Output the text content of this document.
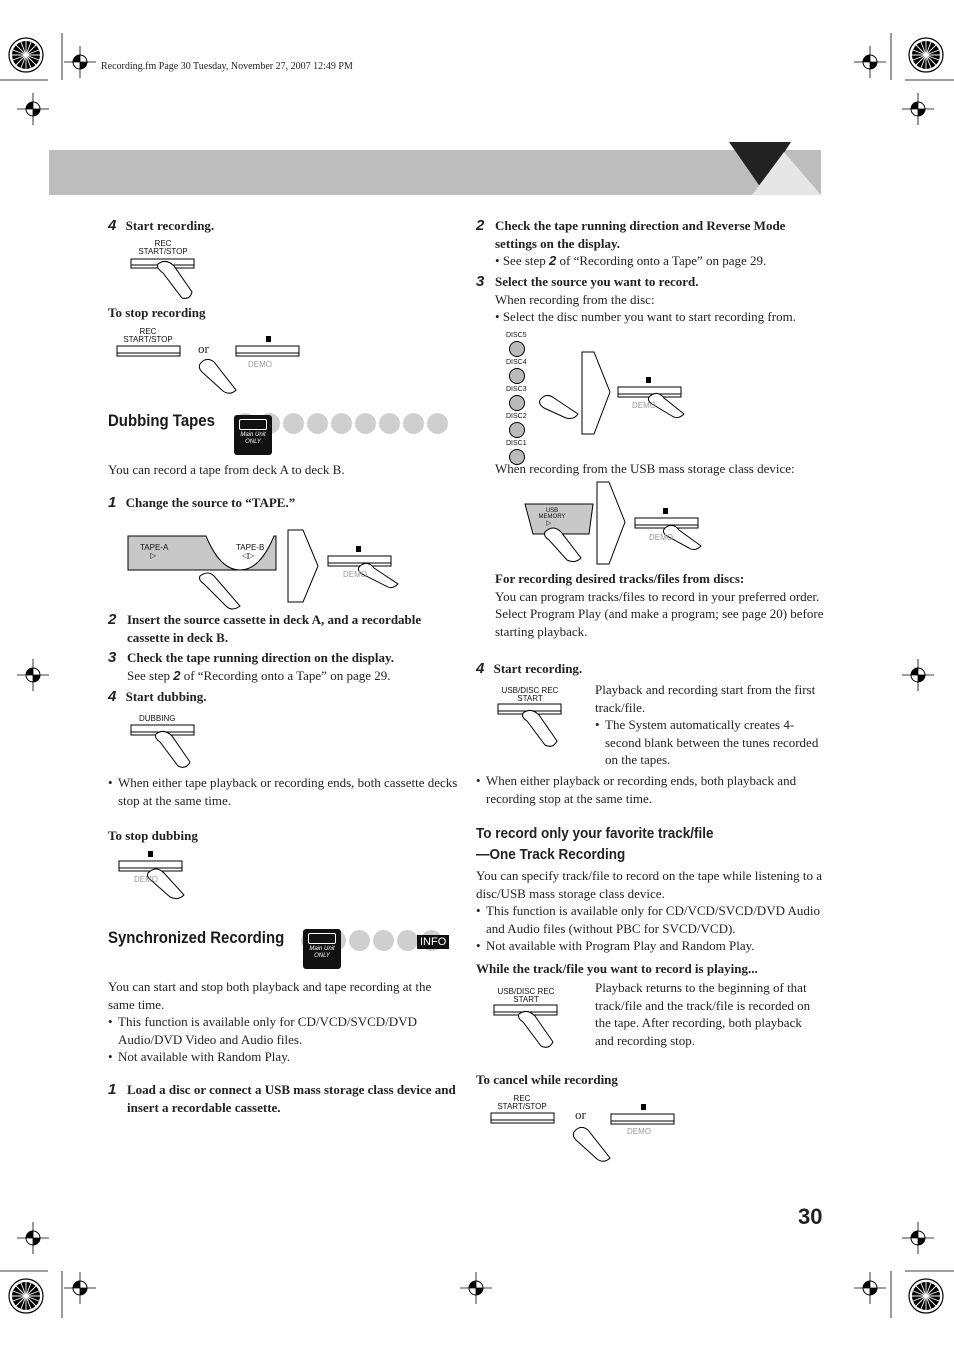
Recording.fm Page 30 Tuesday, November 27, 2007 12:49 PM
4 Start recording.
REC START/STOP
To stop recording
REC START/STOP
or
DEMO
Dubbing Tapes
Main Unit ONLY
You can record a tape from deck A to deck B.
1 Change the source to “TAPE.”
TAPE-A
▷
TAPE-B
◁▷
DEMO
2 Insert the source cassette in deck A, and a recordable cassette in deck B.
3 Check the tape running direction on the display.
See step 2 of “Recording onto a Tape” on page 29.
4 Start dubbing.
DUBBING
• When either tape playback or recording ends, both cassette decks stop at the same time.
To stop dubbing
DEMO
Synchronized Recording
Main Unit ONLY
INFO
You can start and stop both playback and tape recording at the same time.
• This function is available only for CD/VCD/SVCD/DVD Audio/DVD Video and Audio files.
• Not available with Random Play.
1 Load a disc or connect a USB mass storage class device and insert a recordable cassette.
2 Check the tape running direction and Reverse Mode settings on the display.
• See step 2 of “Recording onto a Tape” on page 29.
3 Select the source you want to record.
When recording from the disc:
• Select the disc number you want to start recording from.
DISC5
DISC4
DISC3
DISC2
DISC1
DEMO
When recording from the USB mass storage class device:
USB MEMORY
▷
DEMO
For recording desired tracks/files from discs:
You can program tracks/files to record in your preferred order.
Select Program Play (and make a program; see page 20) before starting playback.
4 Start recording.
USB/DISC REC START
Playback and recording start from the first track/file.
• The System automatically creates 4-second blank between the tunes recorded on the tapes.
• When either playback or recording ends, both playback and recording stop at the same time.
To record only your favorite track/file
—One Track Recording
You can specify track/file to record on the tape while listening to a disc/USB mass storage class device.
• This function is available only for CD/VCD/SVCD/DVD Audio and Audio files (without PBC for SVCD/VCD).
• Not available with Program Play and Random Play.
While the track/file you want to record is playing...
USB/DISC REC START
Playback returns to the beginning of that track/file and the track/file is recorded on the tape. After recording, both playback and recording stop.
To cancel while recording
REC START/STOP
or
DEMO
30
